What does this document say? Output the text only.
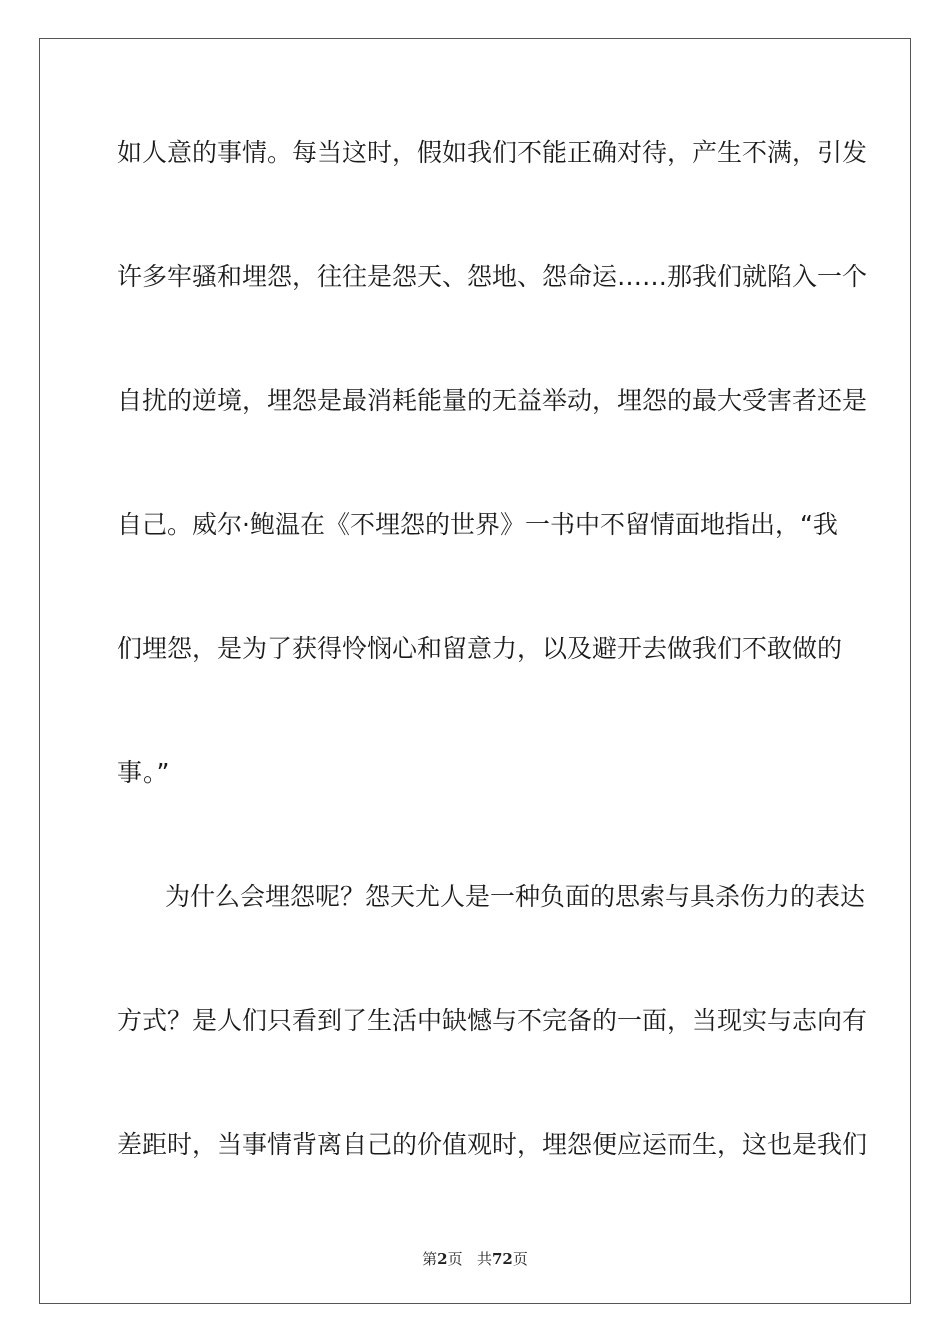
如人意的事情。每当这时，假如我们不能正确对待，产生不满，引发
许多牢骚和埋怨，往往是怨天、怨地、怨命运……那我们就陷入一个
自扰的逆境，埋怨是最消耗能量的无益举动，埋怨的最大受害者还是
自己。威尔·鲍温在《不埋怨的世界》一书中不留情面地指出，“我
们埋怨，是为了获得怜悯心和留意力，以及避开去做我们不敢做的
事。”
为什么会埋怨呢？怨天尤人是一种负面的思索与具杀伤力的表达
方式？是人们只看到了生活中缺憾与不完备的一面，当现实与志向有
差距时，当事情背离自己的价值观时，埋怨便应运而生，这也是我们
第2页 共72页
